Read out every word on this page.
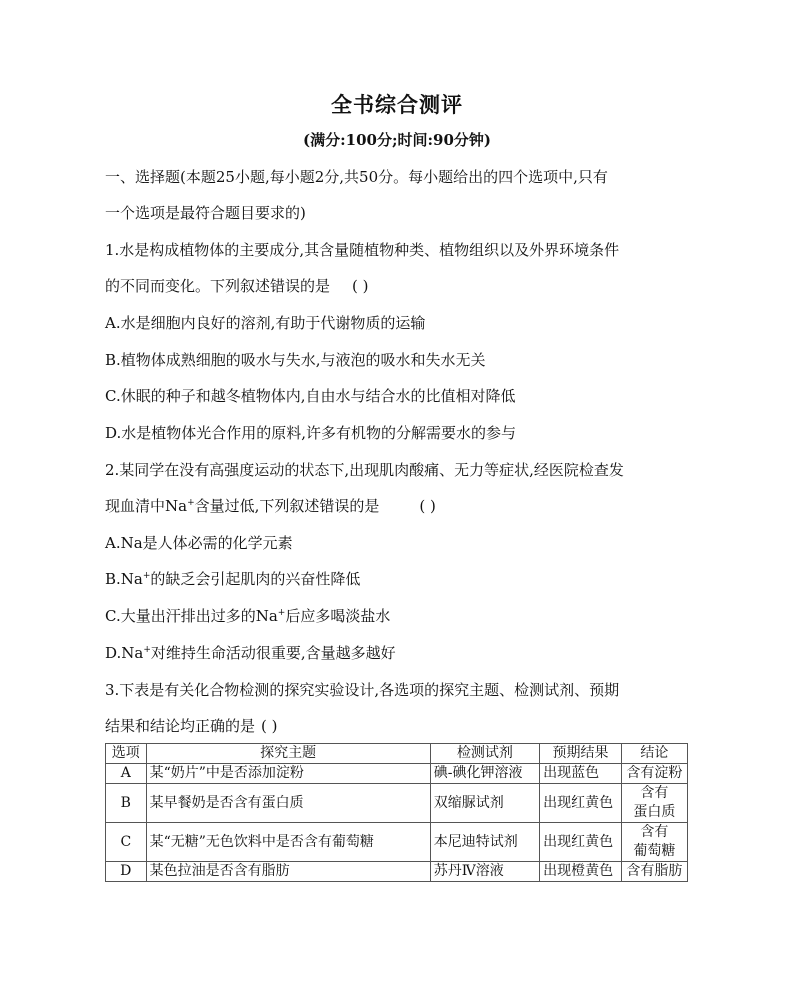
全书综合测评
(满分:100分;时间:90分钟)
一、选择题(本题25小题,每小题2分,共50分。每小题给出的四个选项中,只有
一个选项是最符合题目要求的)
1.水是构成植物体的主要成分,其含量随植物种类、植物组织以及外界环境条件
的不同而变化。下列叙述错误的是 ( )
A.水是细胞内良好的溶剂,有助于代谢物质的运输
B.植物体成熟细胞的吸水与失水,与液泡的吸水和失水无关
C.休眠的种子和越冬植物体内,自由水与结合水的比值相对降低
D.水是植物体光合作用的原料,许多有机物的分解需要水的参与
2.某同学在没有高强度运动的状态下,出现肌肉酸痛、无力等症状,经医院检查发
现血清中Na+含量过低,下列叙述错误的是	( )
A.Na是人体必需的化学元素
B.Na+的缺乏会引起肌肉的兴奋性降低
C.大量出汗排出过多的Na+后应多喝淡盐水
D.Na+对维持生命活动很重要,含量越多越好
3.下表是有关化合物检测的探究实验设计,各选项的探究主题、检测试剂、预期
结果和结论均正确的是 ( )
选项	探究主题	检测试剂	预期结果	结论
A	某“奶片”中是否添加淀粉	碘-碘化钾溶液	出现蓝色	含有淀粉
B	某早餐奶是否含有蛋白质	双缩脲试剂	出现红黄色	含有
蛋白质

C	某“无糖”无色饮料中是否含有葡萄糖	本尼迪特试剂	出现红黄色	含有
葡萄糖

D	某色拉油是否含有脂肪	苏丹Ⅳ溶液	出现橙黄色	含有脂肪
